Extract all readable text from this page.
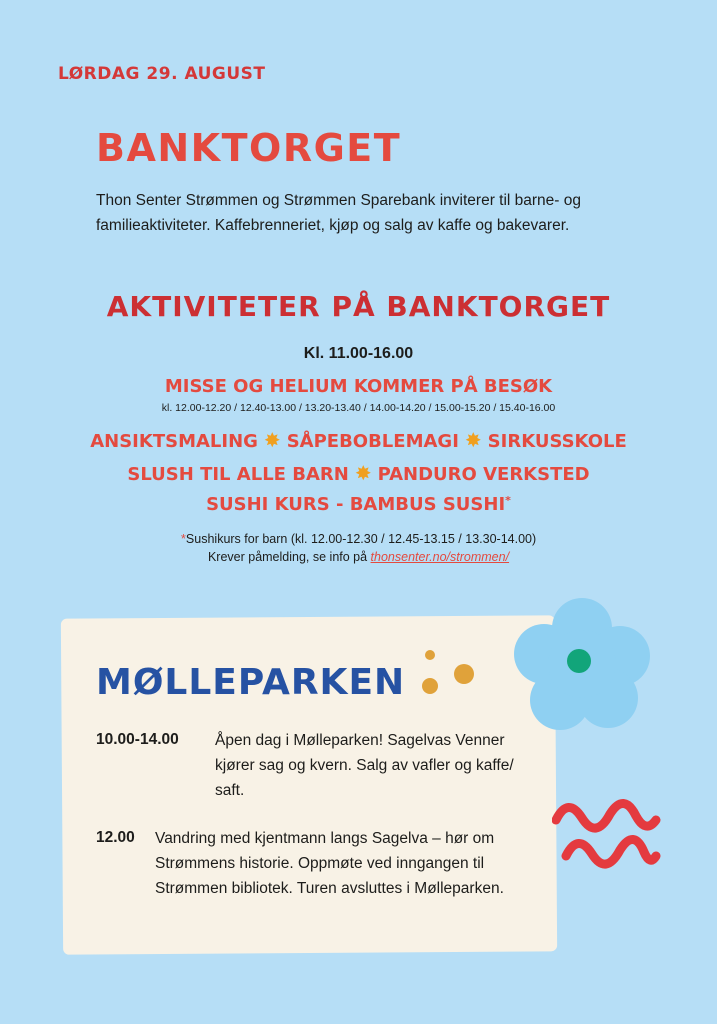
LØRDAG 29. AUGUST
BANKTORGET
Thon Senter Strømmen og Strømmen Sparebank inviterer til barne- og familieaktiviteter. Kaffebrenneriet, kjøp og salg av kaffe og bakevarer.
AKTIVITETER PÅ BANKTORGET
Kl. 11.00-16.00
MISSE OG HELIUM KOMMER PÅ BESØK
kl. 12.00-12.20 / 12.40-13.00 / 13.20-13.40 / 14.00-14.20 / 15.00-15.20 / 15.40-16.00
ANSIKTSMALING ✸ SÅPEBOBLEMAGI ✸ SIRKUSSKOLE
SLUSH TIL ALLE BARN ✸ PANDURO VERKSTED
SUSHI KURS - BAMBUS SUSHI*
*Sushikurs for barn (kl. 12.00-12.30 / 12.45-13.15 / 13.30-14.00)
Krever påmelding, se info på thonsenter.no/strommen/
MØLLEPARKEN
10.00-14.00 Åpen dag i Mølleparken! Sagelvas Venner kjører sag og kvern. Salg av vafler og kaffe/ saft.
12.00 Vandring med kjentmann langs Sagelva – hør om Strømmens historie. Oppmøte ved inngangen til Strømmen bibliotek. Turen avsluttes i Mølleparken.
